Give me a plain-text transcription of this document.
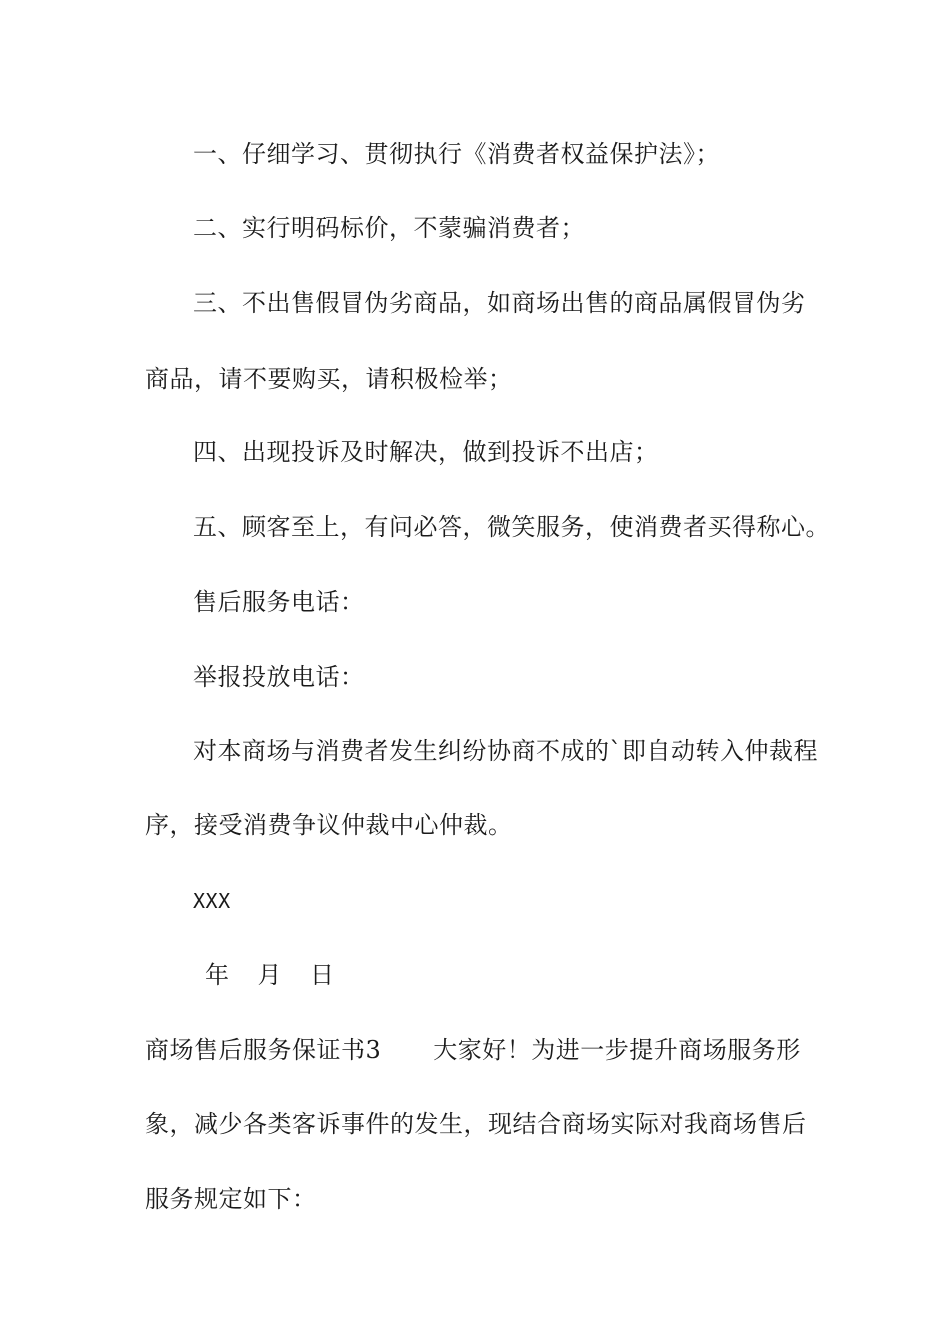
一、仔细学习、贯彻执行《消费者权益保护法》；
二、实行明码标价，不蒙骗消费者；
三、不出售假冒伪劣商品，如商场出售的商品属假冒伪劣
商品，请不要购买，请积极检举；
四、出现投诉及时解决，做到投诉不出店；
五、顾客至上，有问必答，微笑服务，使消费者买得称心。
售后服务电话：
举报投放电话：
对本商场与消费者发生纠纷协商不成的`即自动转入仲裁程
序，接受消费争议仲裁中心仲裁。
XXX
年 月 日
商场售后服务保证书3 大家好！为进一步提升商场服务形
象，减少各类客诉事件的发生，现结合商场实际对我商场售后
服务规定如下：
